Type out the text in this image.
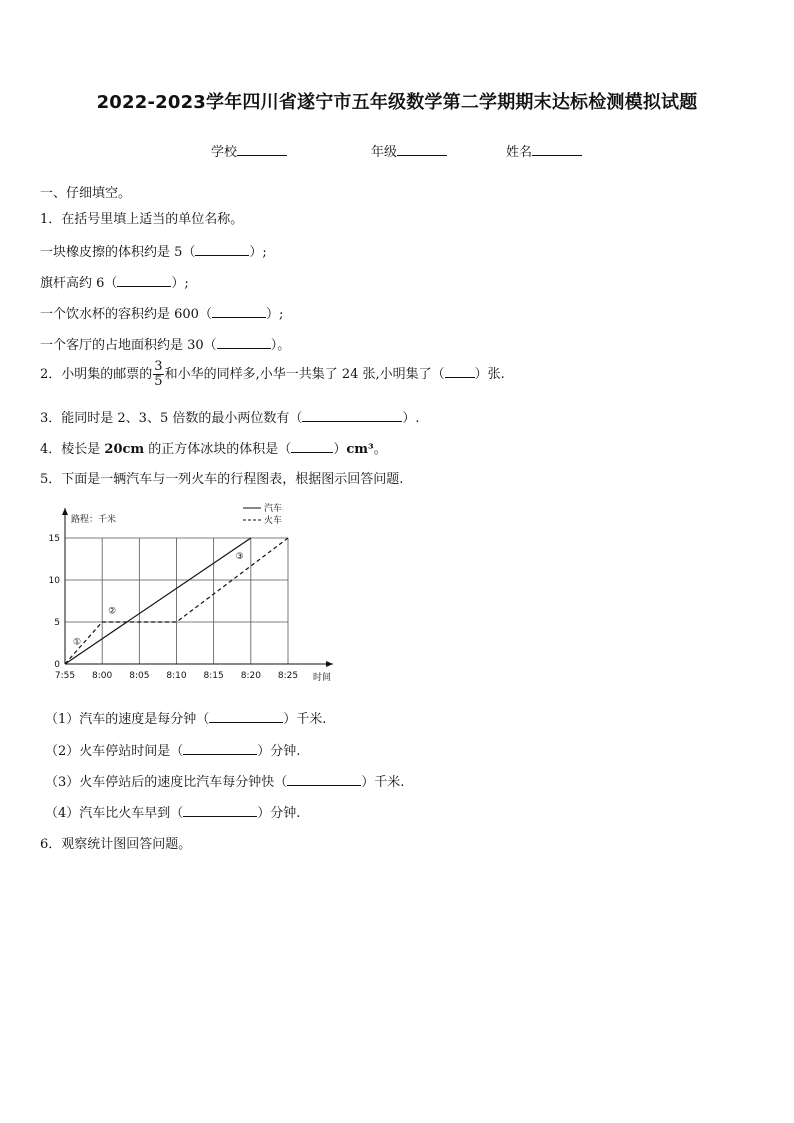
2022-2023学年四川省遂宁市五年级数学第二学期期末达标检测模拟试题
学校	年级	姓名
一、仔细填空。
1．在括号里填上适当的单位名称。
一块橡皮擦的体积约是 5（	）;
旗杆高约 6（	）;
一个饮水杯的容积约是 600（	）;
一个客厅的占地面积约是 30（	）。
2．小明集的邮票的 $\frac{3}{5}$ 和小华的同样多,小华一共集了 24 张,小明集了（ ）张.
3．能同时是 2、3、5 倍数的最小两位数有（	）.
4．棱长是 20cm 的正方体冰块的体积是（	）cm³。
5．下面是一辆汽车与一列火车的行程图表，根据图示回答问题.
7:55 8:00 8:05 8:10 8:15 8:20 8:25
0
5
10
15
路程：千米
时间
汽车
火车
①
②
③
（1）汽车的速度是每分钟（	）千米.
（2）火车停站时间是（	）分钟.
（3）火车停站后的速度比汽车每分钟快（	）千米.
（4）汽车比火车早到（	）分钟.
6．观察统计图回答问题。
